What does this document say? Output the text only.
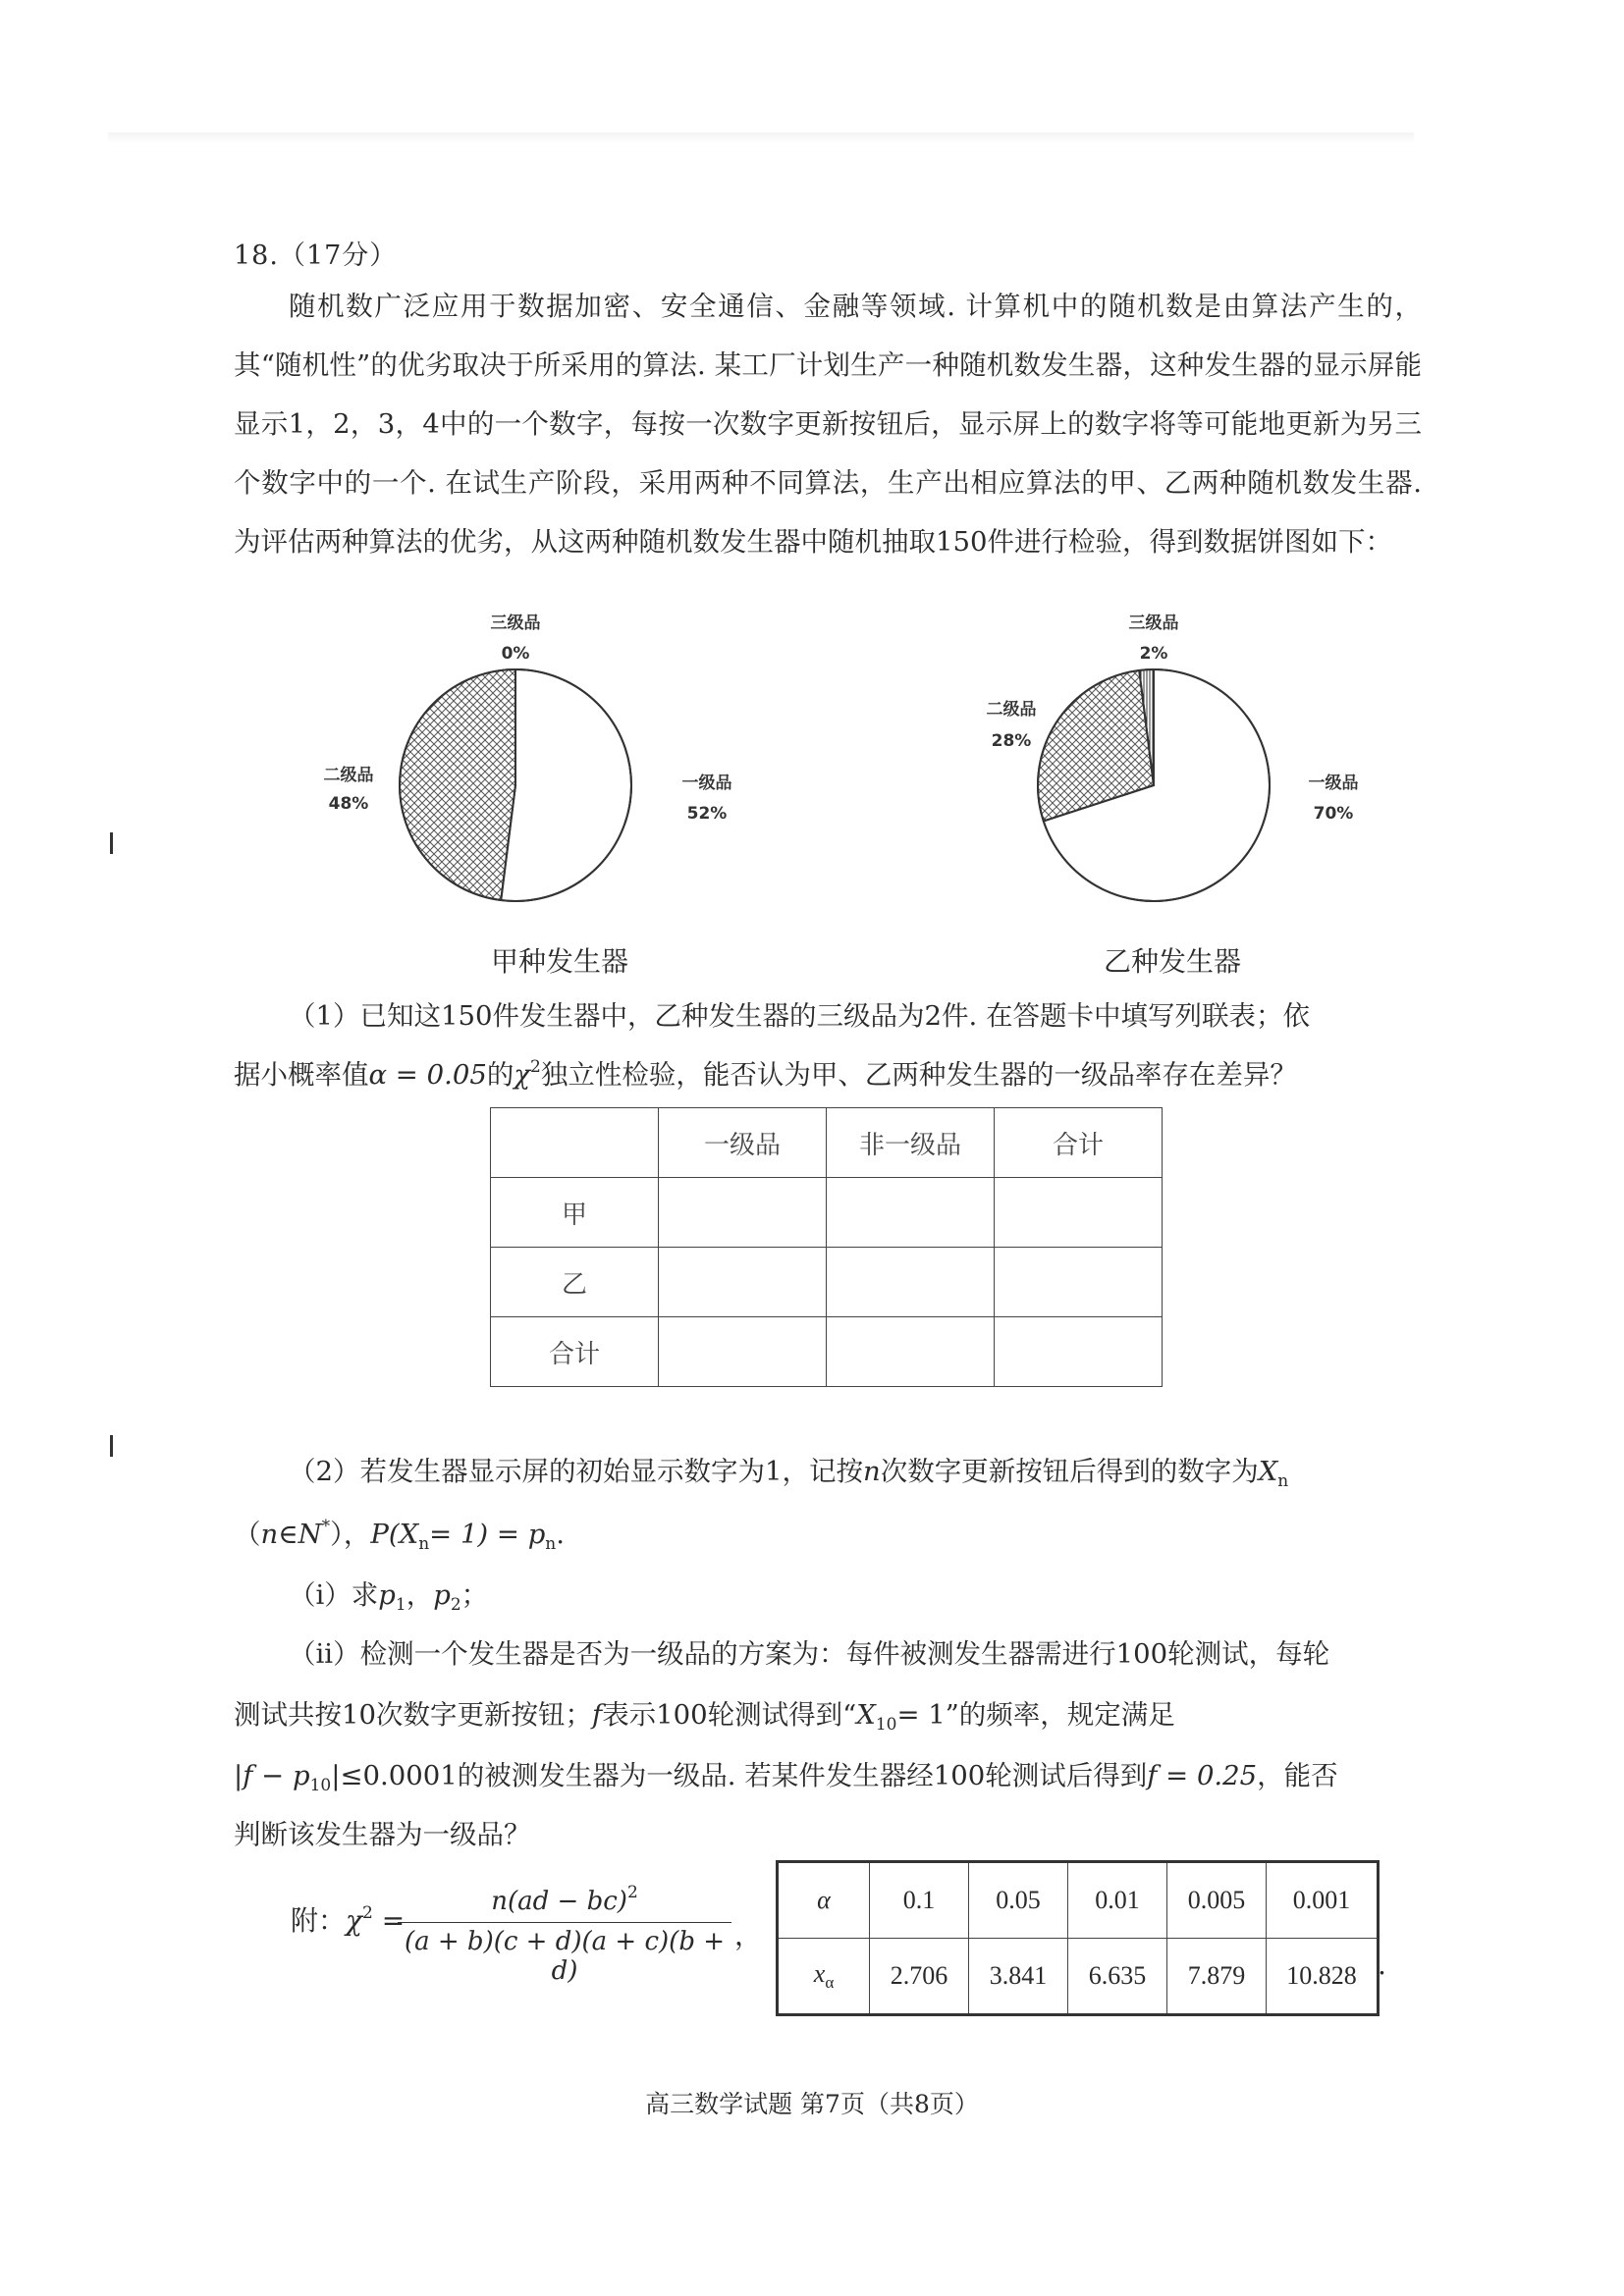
18.（17分）
随机数广泛应用于数据加密、安全通信、金融等领域. 计算机中的随机数是由算法产生的，其“随机性”的优劣取决于所采用的算法. 某工厂计划生产一种随机数发生器，这种发生器的显示屏能显示1，2，3，4中的一个数字，每按一次数字更新按钮后，显示屏上的数字将等可能地更新为另三个数字中的一个. 在试生产阶段，采用两种不同算法，生产出相应算法的甲、乙两种随机数发生器. 为评估两种算法的优劣，从这两种随机数发生器中随机抽取150件进行检验，得到数据饼图如下：
三级品
0%
二级品
48%
一级品
52%
甲种发生器
三级品
2%
二级品
28%
一级品
70%
乙种发生器
（1）已知这150件发生器中，乙种发生器的三级品为2件. 在答题卡中填写列联表；依
据小概率值α = 0.05的$\chi^2$独立性检验，能否认为甲、乙两种发生器的一级品率存在差异？
	一级品	非一级品	合计
甲			
乙			
合计			
（2）若发生器显示屏的初始显示数字为1，记按n次数字更新按钮后得到的数字为$X_n$
（n∈N*），$P(X_n= 1) = p_n$.
（i）求$p_1$，$p_2$；
（ii）检测一个发生器是否为一级品的方案为：每件被测发生器需进行100轮测试，每轮
测试共按10次数字更新按钮；f表示100轮测试得到“$X_{10}= 1$”的频率，规定满足
$|f - p_{10}|\le 0.0001$的被测发生器为一级品. 若某件发生器经100轮测试后得到f = 0.25，能否
判断该发生器为一级品？
附：$\chi^2$ =
$\frac{n(ad - bc)^2}{(a + b)(c + d)(a + c)(b + d)}$ ，
α	0.1	0.05	0.01	0.005	0.001
$x_\alpha$	2.706	3.841	6.635	7.879	10.828 .
高三数学试题 第7页（共8页）
